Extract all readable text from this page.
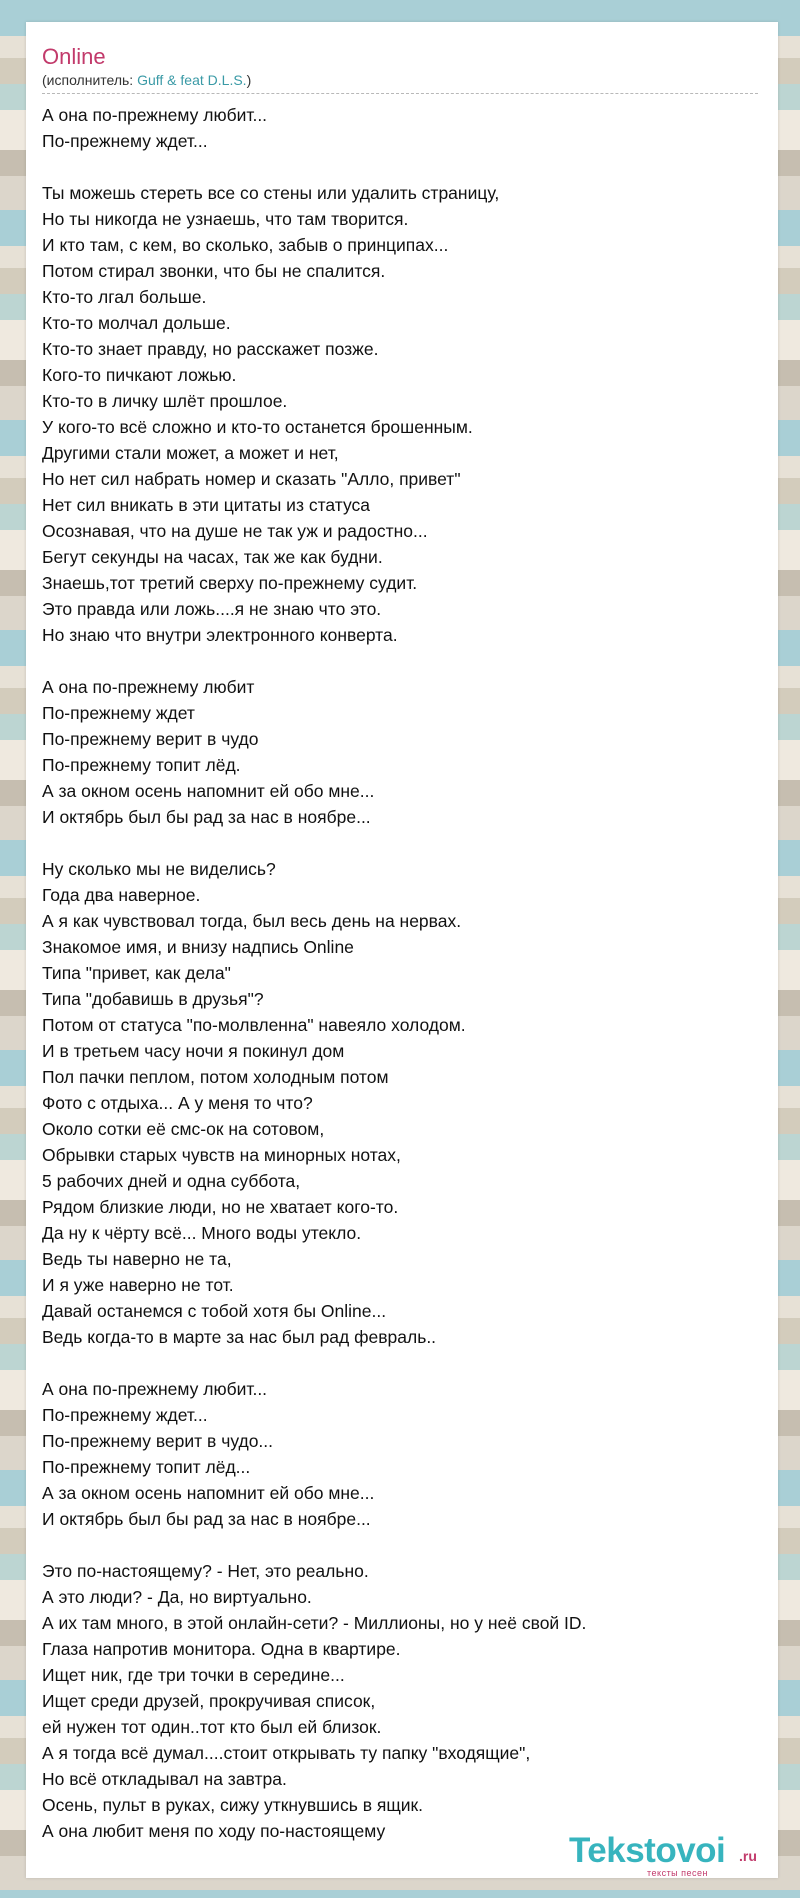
Online
(исполнитель: Guff & feat D.L.S.)
А она по-прежнему любит...
По-прежнему ждет...
Ты можешь стереть все со стены или удалить страницу,
Но ты никогда не узнаешь, что там творится.
И кто там, с кем, во сколько, забыв о принципах...
Потом стирал звонки, что бы не спалится.
Кто-то лгал больше.
Кто-то молчал дольше.
Кто-то знает правду, но расскажет позже.
Кого-то пичкают ложью.
Кто-то в личку шлёт прошлое.
У кого-то всё сложно и кто-то останется брошенным.
Другими стали может, а может и нет,
Но нет сил набрать номер и сказать "Алло, привет"
Нет сил вникать в эти цитаты из статуса
Осознавая, что на душе не так уж и радостно...
Бегут секунды на часах, так же как будни.
Знаешь,тот третий сверху по-прежнему судит.
Это правда или ложь....я не знаю что это.
Но знаю что внутри электронного конверта.
А она по-прежнему любит
По-прежнему ждет
По-прежнему верит в чудо
По-прежнему топит лёд.
А за окном осень напомнит ей обо мне...
И октябрь был бы рад за нас в ноябре...
Ну сколько мы не виделись?
Года два наверное.
А я как чувствовал тогда, был весь день на нервах.
Знакомое имя, и внизу надпись Online
Типа "привет, как дела"
Типа "добавишь в друзья"?
Потом от статуса "по-молвленна" навеяло холодом.
И в третьем часу ночи я покинул дом
Пол пачки пеплом, потом холодным потом
Фото с отдыха... А у меня то что?
Около сотки её смс-ок на сотовом,
Обрывки старых чувств на минорных нотах,
5 рабочих дней и одна суббота,
Рядом близкие люди, но не хватает кого-то.
Да ну к чёрту всё... Много воды утекло.
Ведь ты наверно не та,
И я уже наверно не тот.
Давай останемся с тобой хотя бы Online...
Ведь когда-то в марте за нас был рад февраль..
А она по-прежнему любит...
По-прежнему ждет...
По-прежнему верит в чудо...
По-прежнему топит лёд...
А за окном осень напомнит ей обо мне...
И октябрь был бы рад за нас в ноябре...
Это по-настоящему? - Нет, это реально.
А это люди? - Да, но виртуально.
А их там много, в этой онлайн-сети? - Миллионы, но у неё свой ID.
Глаза напротив монитора. Одна в квартире.
Ищет ник, где три точки в середине...
Ищет среди друзей, прокручивая список,
ей нужен тот один..тот кто был ей близок.
А я тогда всё думал....стоит открывать ту папку "входящие",
Но всё откладывал на завтра.
Осень, пульт в руках, сижу уткнувшись в ящик.
А она любит меня по ходу по-настоящему	Tekstovoi .ru
тексты песен
